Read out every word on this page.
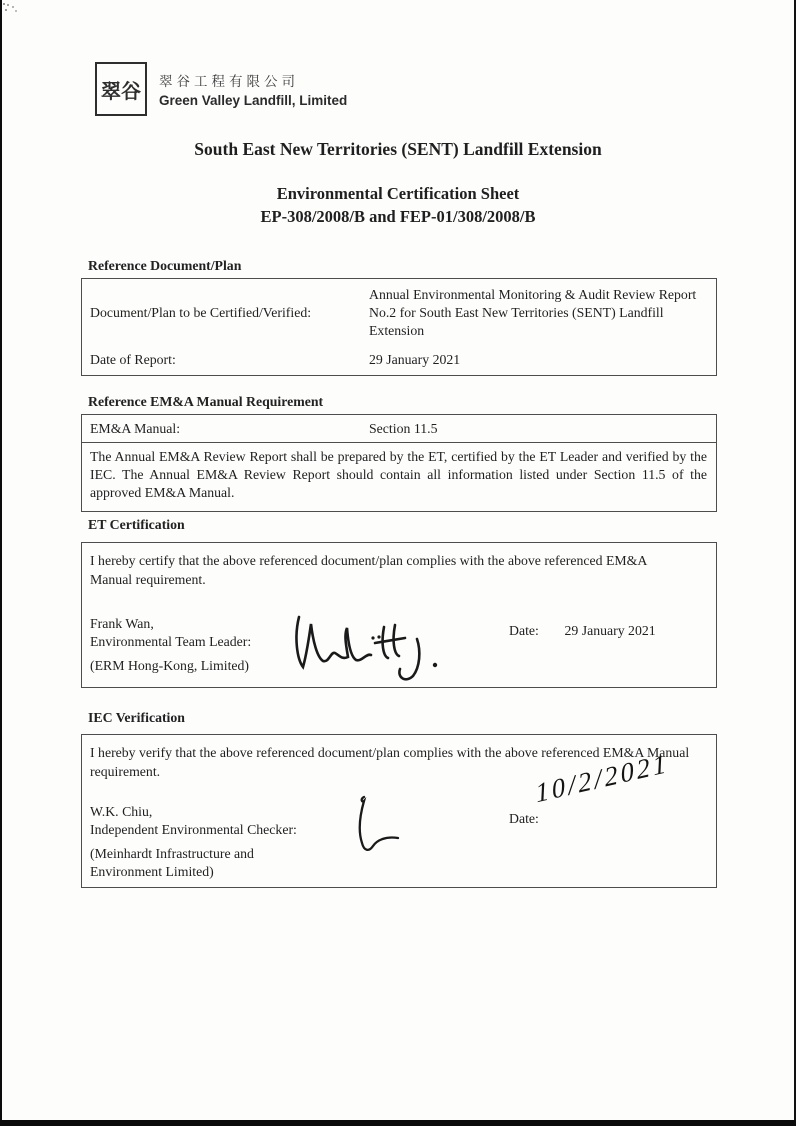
翠谷 翠谷工程有限公司
Green Valley Landfill, Limited
South East New Territories (SENT) Landfill Extension
Environmental Certification Sheet
EP-308/2008/B and FEP-01/308/2008/B
Reference Document/Plan
Document/Plan to be Certified/Verified:
Annual Environmental Monitoring & Audit Review Report No.2 for South East New Territories (SENT) Landfill Extension
Date of Report:	29 January 2021
Reference EM&A Manual Requirement
EM&A Manual:	Section 11.5
The Annual EM&A Review Report shall be prepared by the ET, certified by the ET Leader and verified by the IEC. The Annual EM&A Review Report should contain all information listed under Section 11.5 of the approved EM&A Manual.
ET Certification
I hereby certify that the above referenced document/plan complies with the above referenced EM&A Manual requirement.
Frank Wan,
Environmental Team Leader:
(ERM Hong-Kong, Limited)
Date: 29 January 2021
IEC Verification
I hereby verify that the above referenced document/plan complies with the above referenced EM&A Manual requirement.
W.K. Chiu,
Independent Environmental Checker:
(Meinhardt Infrastructure and
Environment Limited)
Date:
10/2/2021
